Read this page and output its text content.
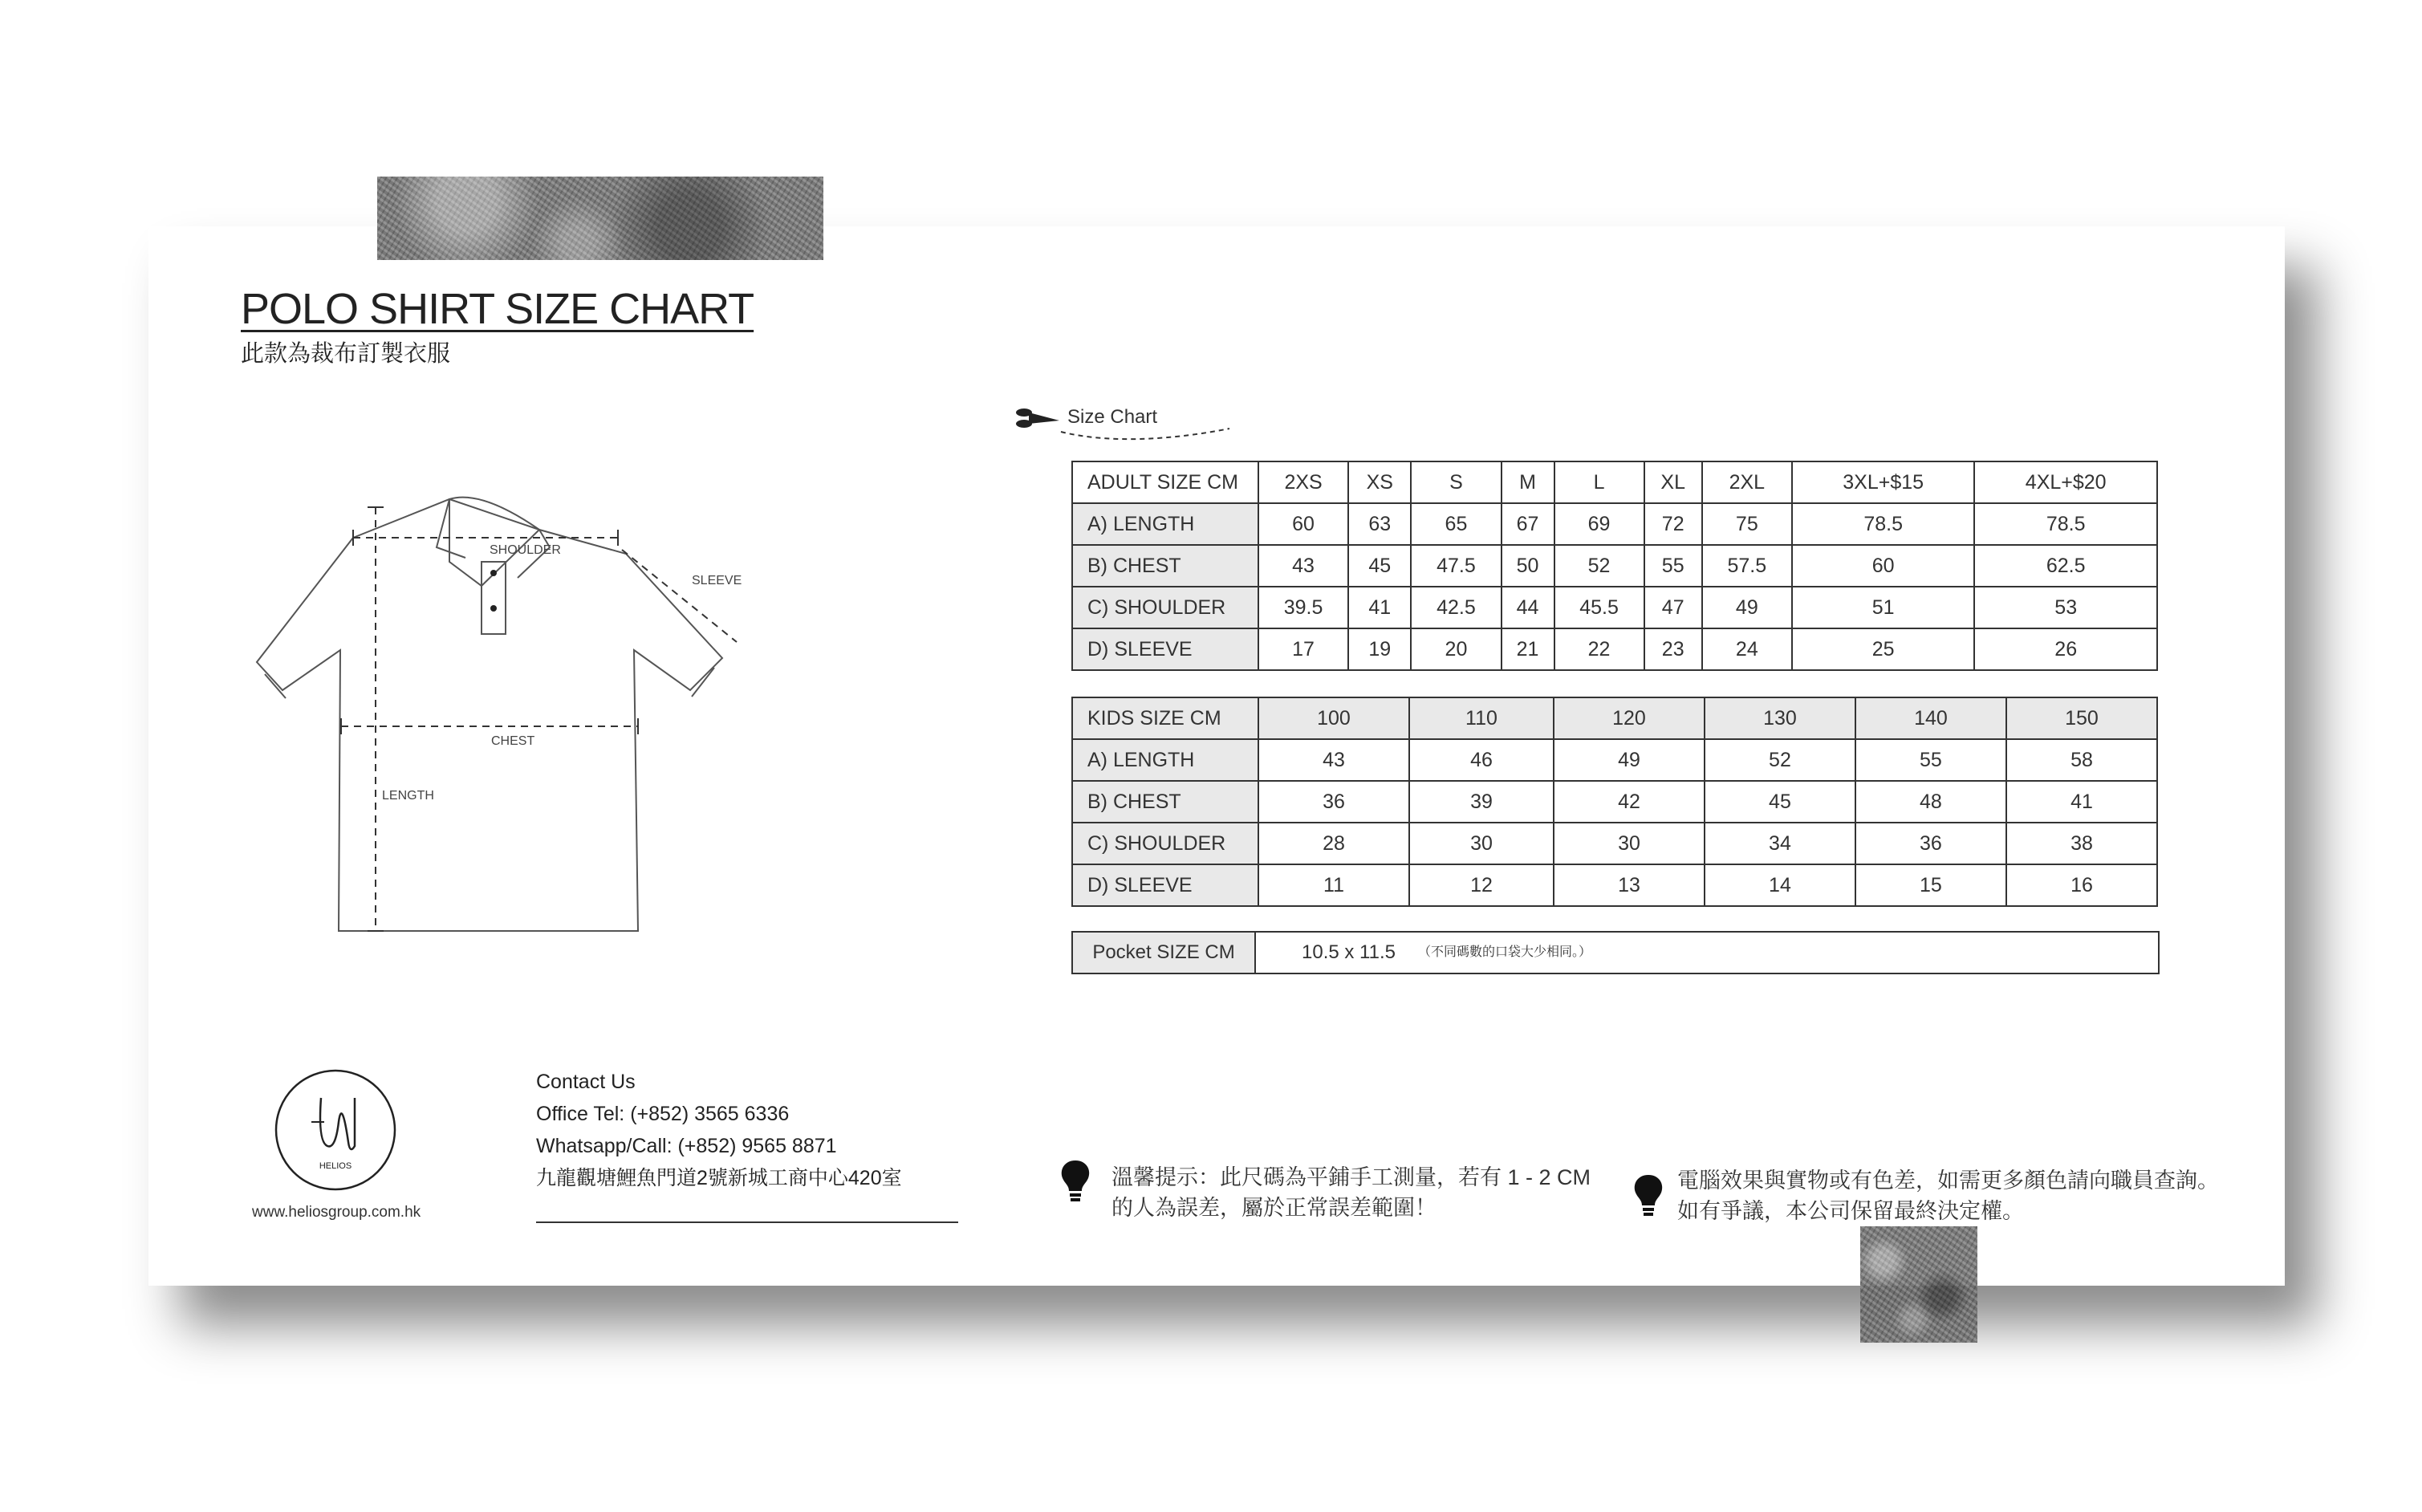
POLO SHIRT SIZE CHART
此款為裁布訂製衣服
SHOULDER
SLEEVE
CHEST
LENGTH
Size Chart
ADULT SIZE CM	2XS	XS	S	M	L	XL	2XL	3XL+$15	4XL+$20
A) LENGTH	60	63	65	67	69	72	75	78.5	78.5
B) CHEST	43	45	47.5	50	52	55	57.5	60	62.5
C) SHOULDER	39.5	41	42.5	44	45.5	47	49	51	53
D) SLEEVE	17	19	20	21	22	23	24	25	26
KIDS SIZE CM	100	110	120	130	140	150
A) LENGTH	43	46	49	52	55	58
B) CHEST	36	39	42	45	48	41
C) SHOULDER	28	30	30	34	36	38
D) SLEEVE	11	12	13	14	15	16
Pocket SIZE CM	10.5 x 11.5 （不同碼數的口袋大少相同。）
HELIOS
www.heliosgroup.com.hk
Contact Us
Office Tel: (+852) 3565 6336
Whatsapp/Call: (+852) 9565 8871
九龍觀塘鯉魚門道2號新城工商中心420室	溫馨提示：此尺碼為平鋪手工測量，若有 1 - 2 CM
的人為誤差，屬於正常誤差範圍！
電腦效果與實物或有色差，如需更多顏色請向職員查詢。
如有爭議，本公司保留最終決定權。
